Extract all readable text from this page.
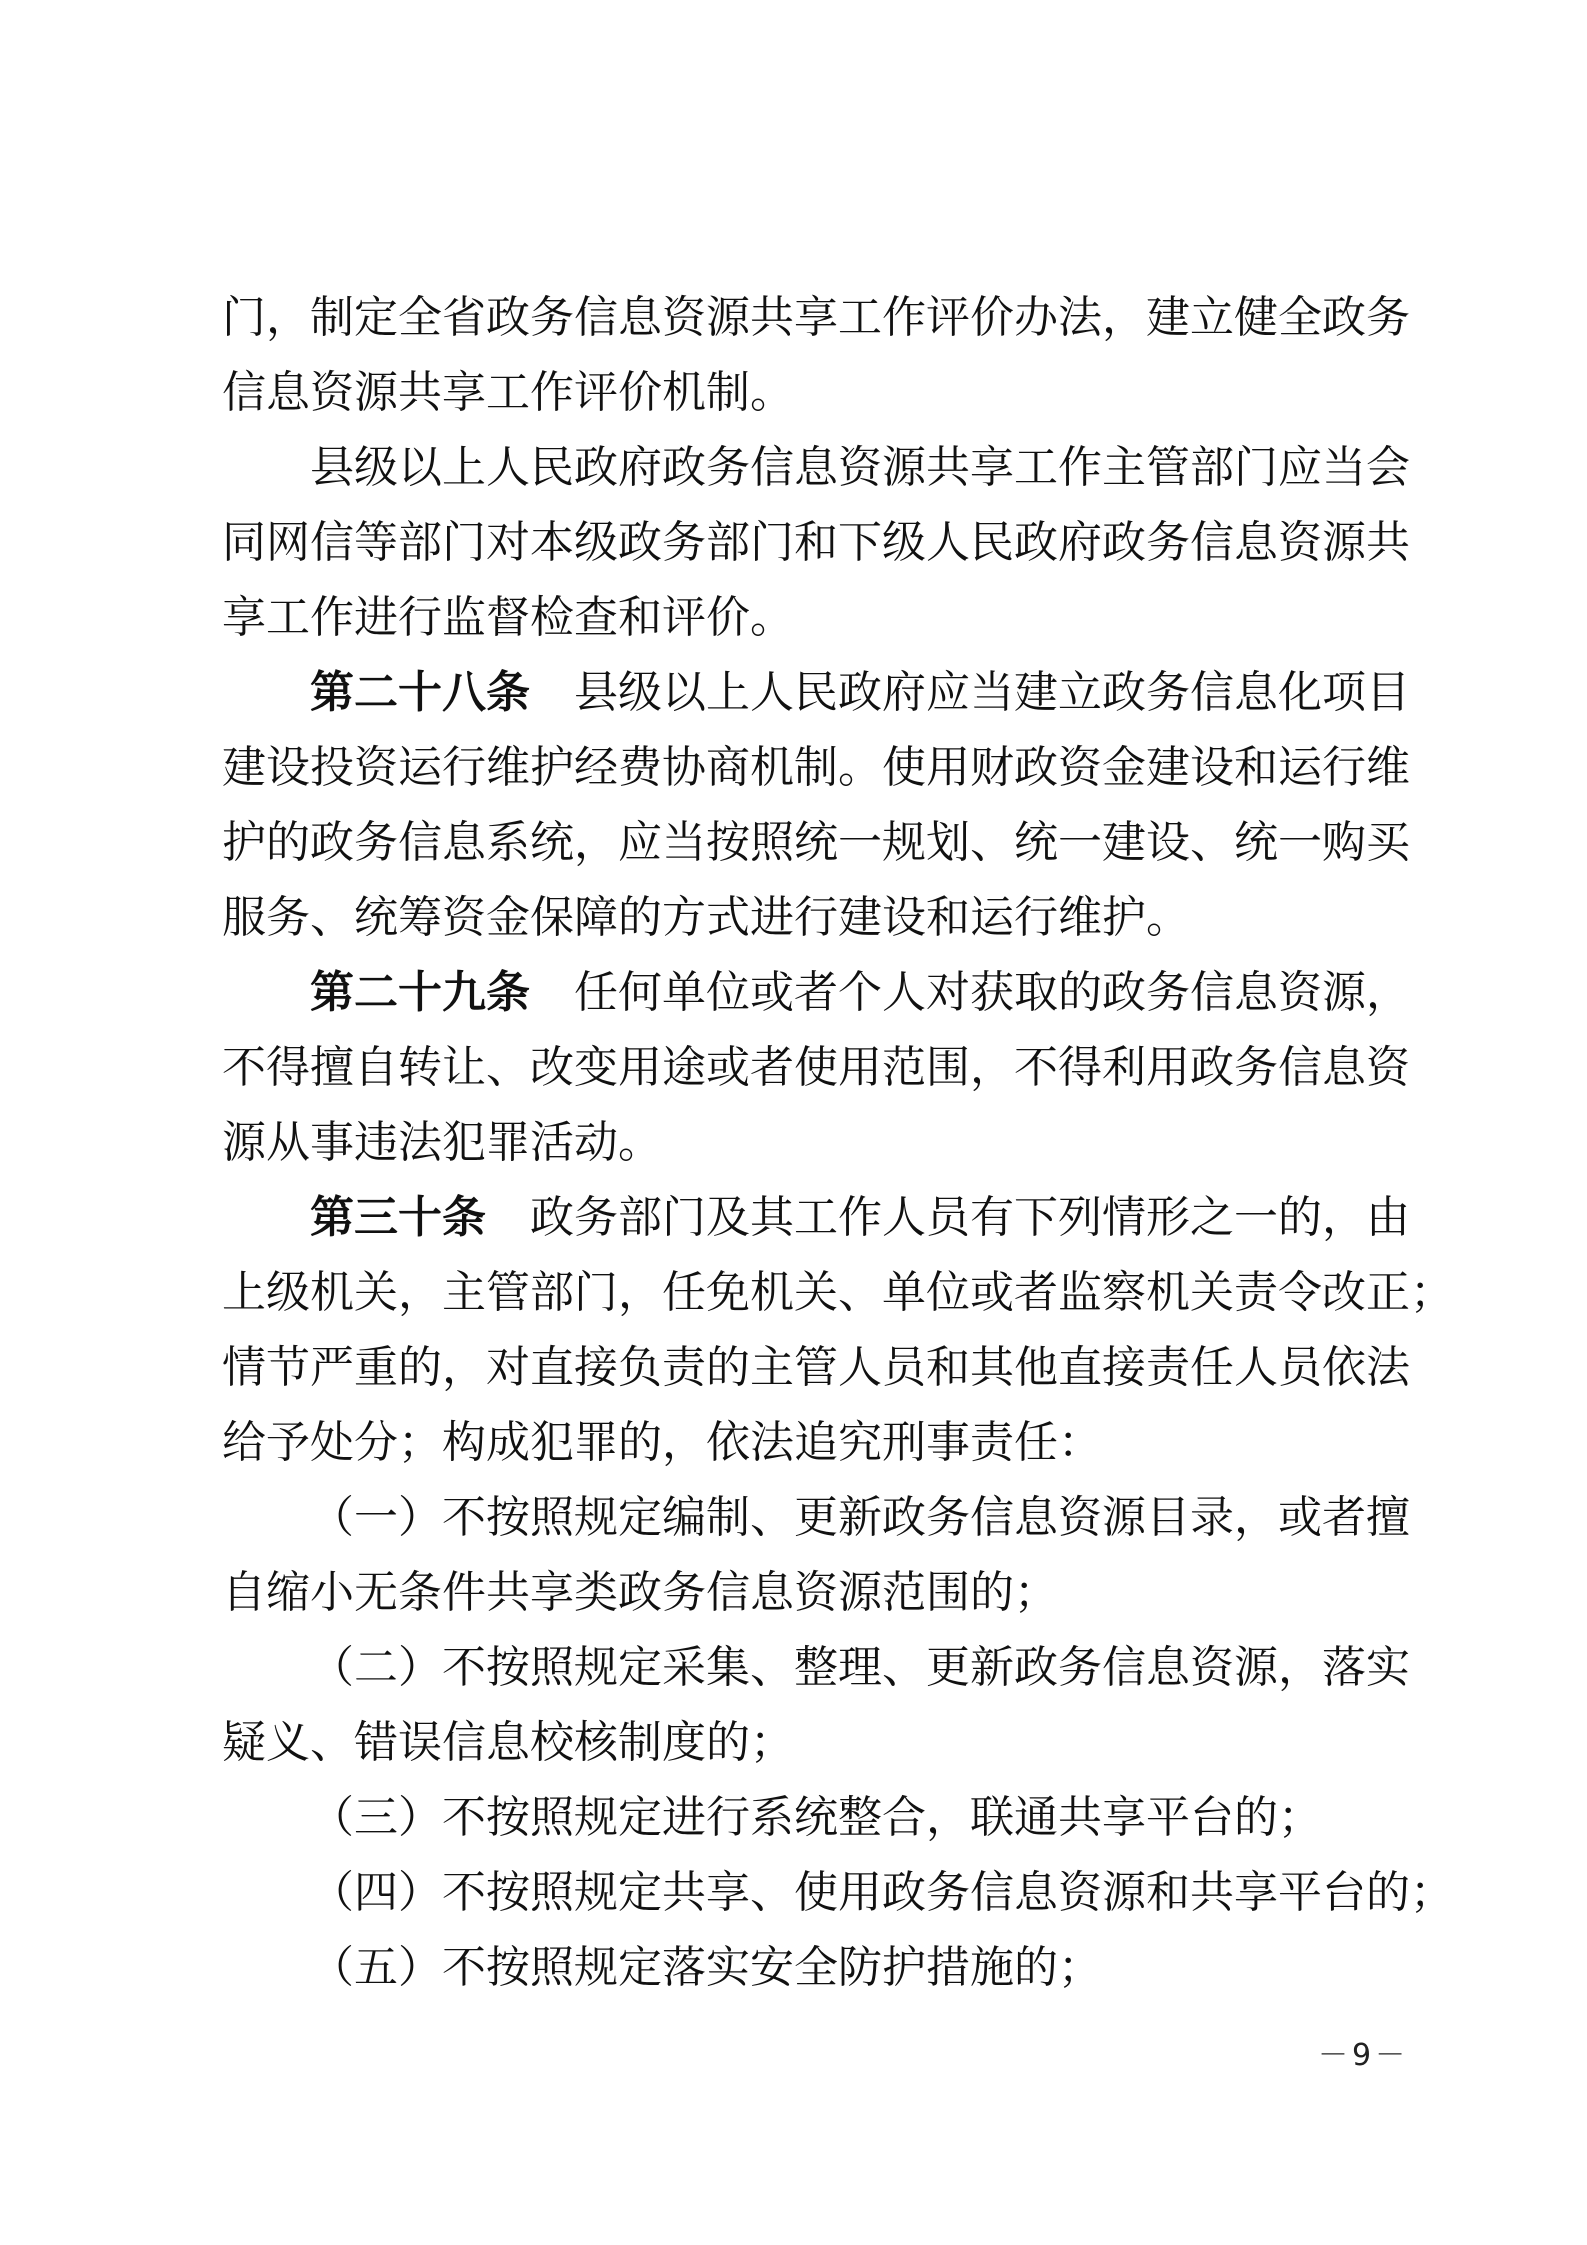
门，制定全省政务信息资源共享工作评价办法，建立健全政务
信息资源共享工作评价机制。
县级以上人民政府政务信息资源共享工作主管部门应当会
同网信等部门对本级政务部门和下级人民政府政务信息资源共
享工作进行监督检查和评价。
第二十八条 县级以上人民政府应当建立政务信息化项目
建设投资运行维护经费协商机制。使用财政资金建设和运行维
护的政务信息系统，应当按照统一规划、统一建设、统一购买
服务、统筹资金保障的方式进行建设和运行维护。
第二十九条 任何单位或者个人对获取的政务信息资源，
不得擅自转让、改变用途或者使用范围，不得利用政务信息资
源从事违法犯罪活动。
第三十条 政务部门及其工作人员有下列情形之一的，由
上级机关，主管部门，任免机关、单位或者监察机关责令改正；
情节严重的，对直接负责的主管人员和其他直接责任人员依法
给予处分；构成犯罪的，依法追究刑事责任：
（一）不按照规定编制、更新政务信息资源目录，或者擅
自缩小无条件共享类政务信息资源范围的；
（二）不按照规定采集、整理、更新政务信息资源，落实
疑义、错误信息校核制度的；
（三）不按照规定进行系统整合，联通共享平台的；
（四）不按照规定共享、使用政务信息资源和共享平台的；
（五）不按照规定落实安全防护措施的；
－9－
